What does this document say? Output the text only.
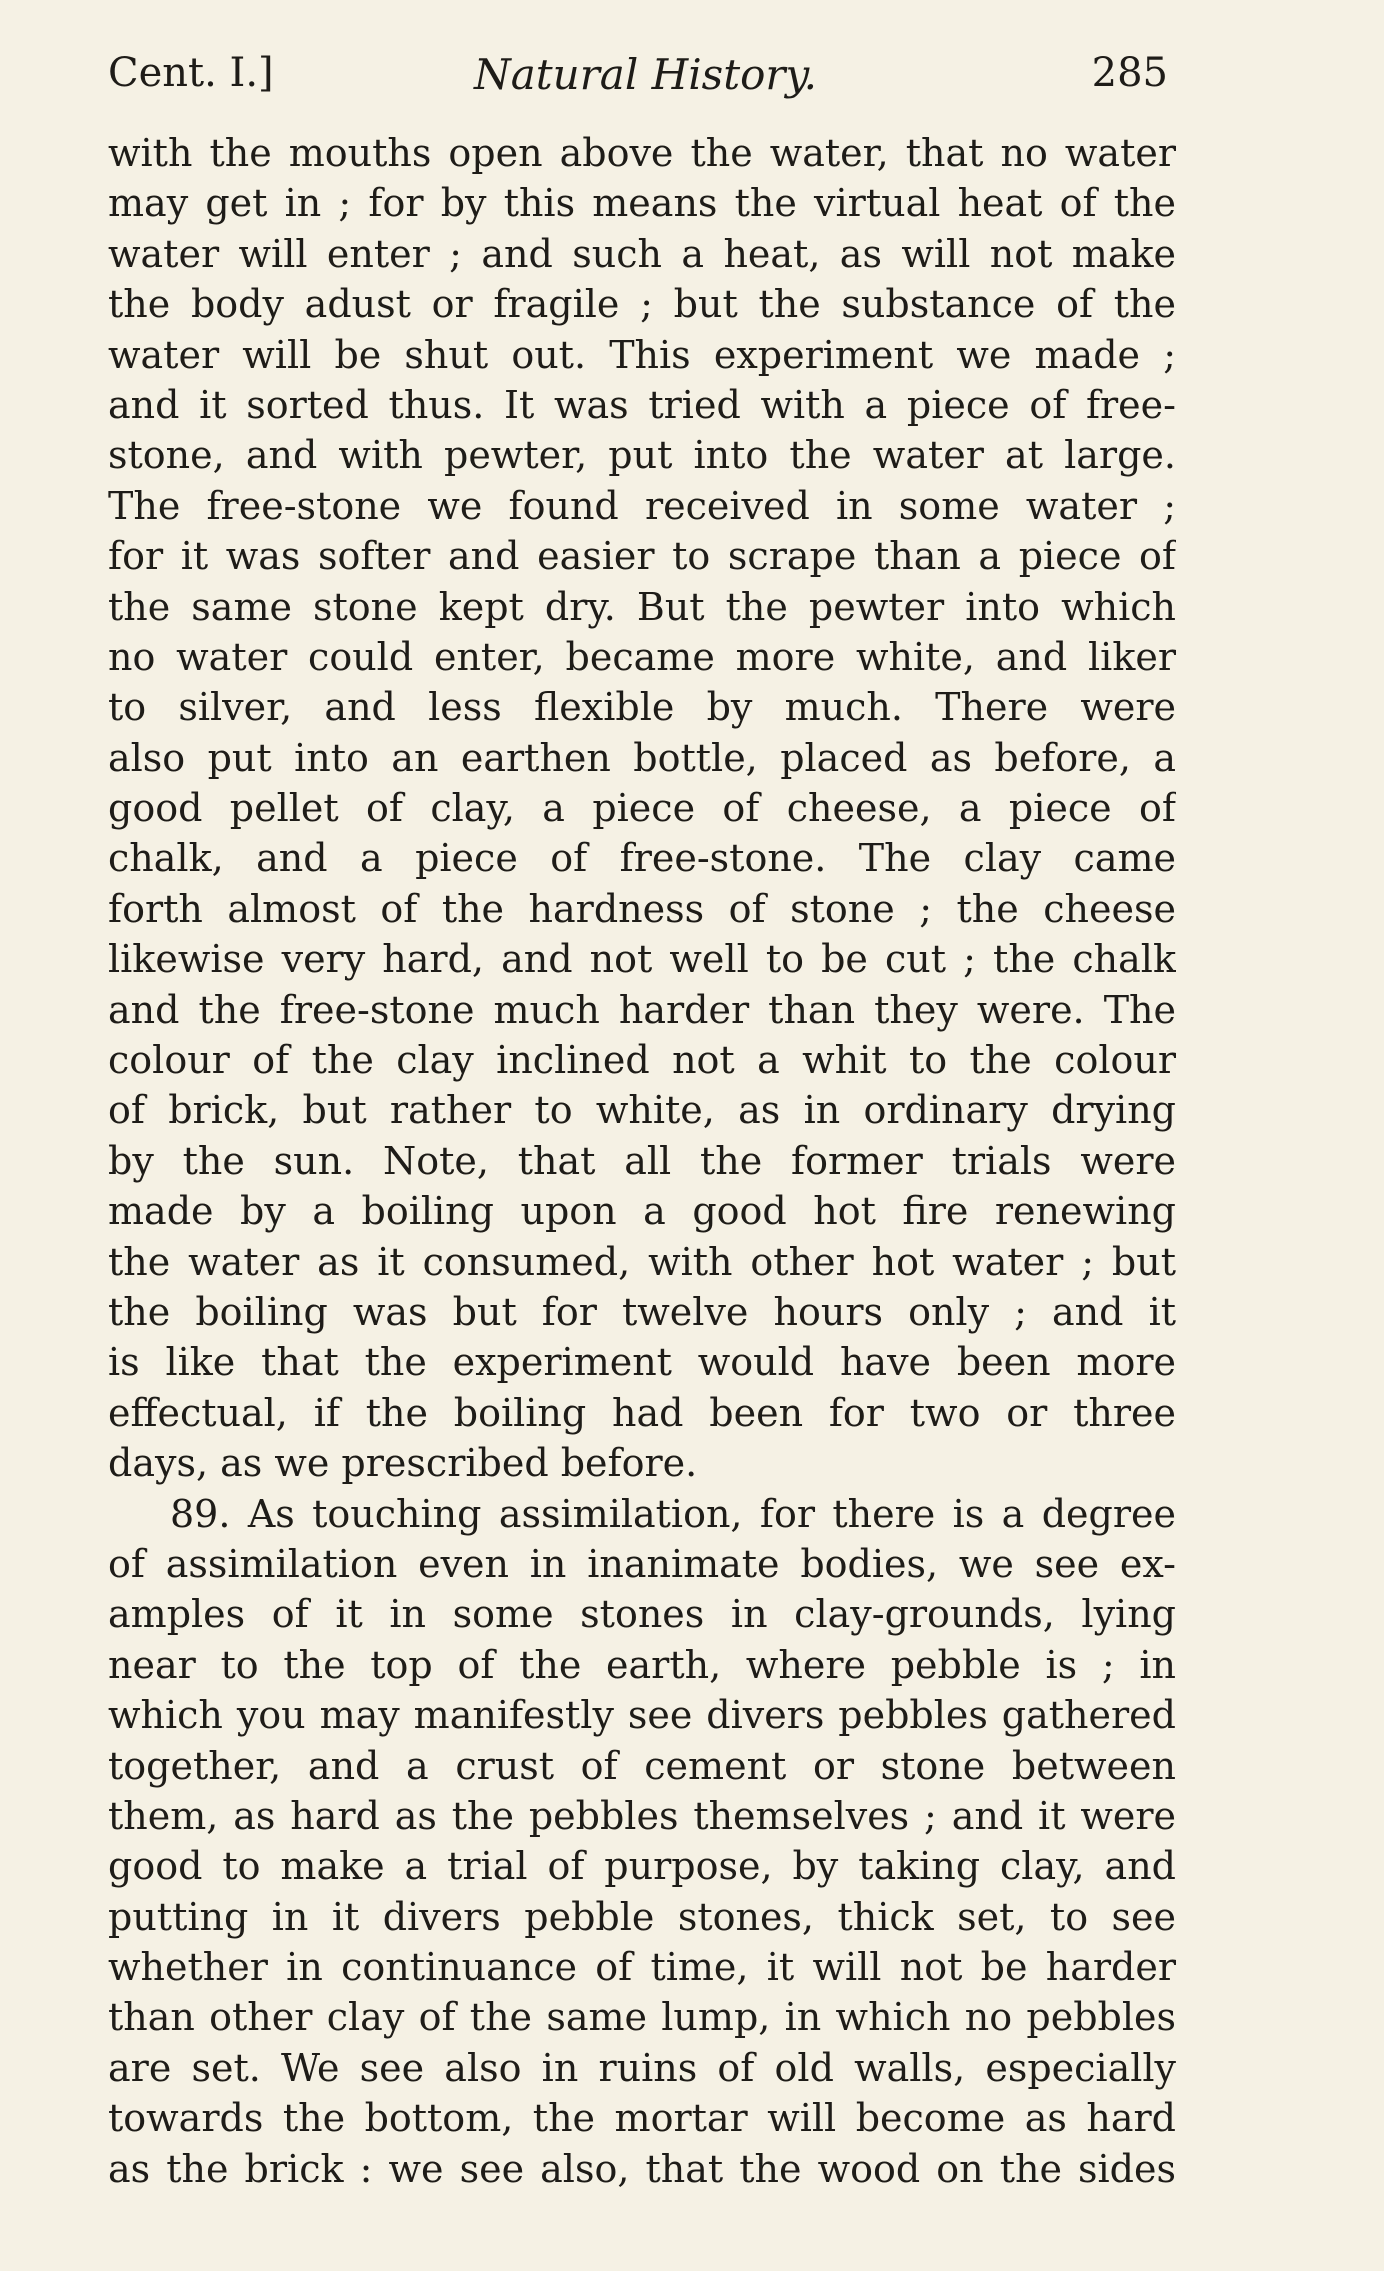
Cent. I.]	Natural History.	285
with the mouths open above the water, that no water
may get in ; for by this means the virtual heat of the
water will enter ; and such a heat, as will not make
the body adust or fragile ; but the substance of the
water will be shut out. This experiment we made ;
and it sorted thus. It was tried with a piece of free-
stone, and with pewter, put into the water at large.
The free-stone we found received in some water ;
for it was softer and easier to scrape than a piece of
the same stone kept dry. But the pewter into which
no water could enter, became more white, and liker
to silver, and less flexible by much. There were
also put into an earthen bottle, placed as before, a
good pellet of clay, a piece of cheese, a piece of
chalk, and a piece of free-stone. The clay came
forth almost of the hardness of stone ; the cheese
likewise very hard, and not well to be cut ; the chalk
and the free-stone much harder than they were. The
colour of the clay inclined not a whit to the colour
of brick, but rather to white, as in ordinary drying
by the sun. Note, that all the former trials were
made by a boiling upon a good hot fire renewing
the water as it consumed, with other hot water ; but
the boiling was but for twelve hours only ; and it
is like that the experiment would have been more
effectual, if the boiling had been for two or three
days, as we prescribed before.
89. As touching assimilation, for there is a degree
of assimilation even in inanimate bodies, we see ex-
amples of it in some stones in clay-grounds, lying
near to the top of the earth, where pebble is ; in
which you may manifestly see divers pebbles gathered
together, and a crust of cement or stone between
them, as hard as the pebbles themselves ; and it were
good to make a trial of purpose, by taking clay, and
putting in it divers pebble stones, thick set, to see
whether in continuance of time, it will not be harder
than other clay of the same lump, in which no pebbles
are set. We see also in ruins of old walls, especially
towards the bottom, the mortar will become as hard
as the brick : we see also, that the wood on the sides
